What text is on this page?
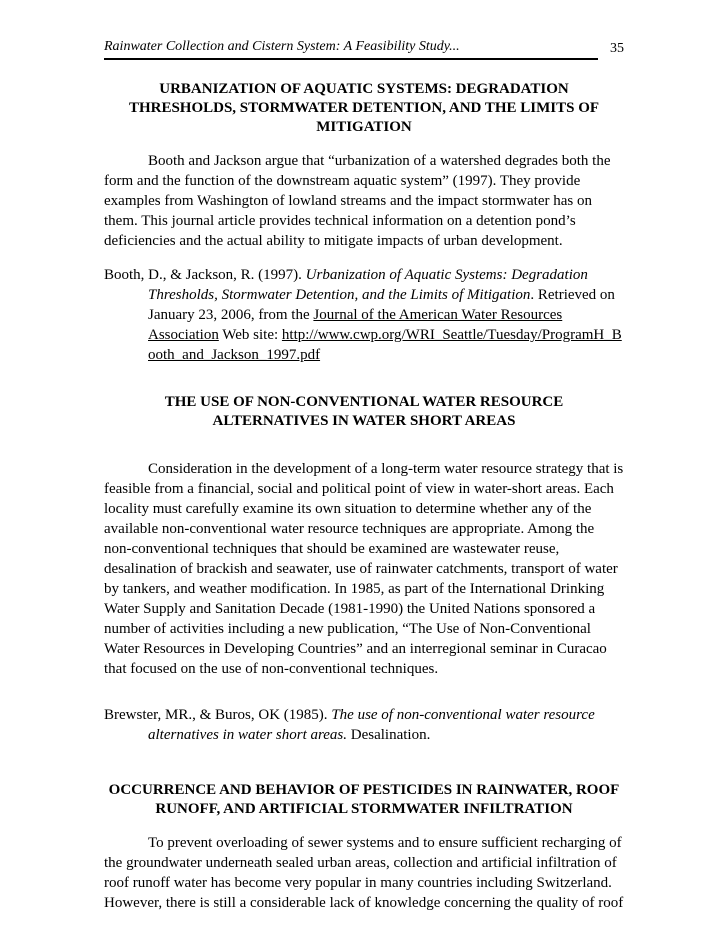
Rainwater Collection and Cistern System: A Feasibility Study...	35
URBANIZATION OF AQUATIC SYSTEMS: DEGRADATION
THRESHOLDS, STORMWATER DETENTION, AND THE LIMITS OF
MITIGATION

Booth and Jackson argue that “urbanization of a watershed degrades both the form and the function of the downstream aquatic system” (1997). They provide examples from Washington of lowland streams and the impact stormwater has on them. This journal article provides technical information on a detention pond’s deficiencies and the actual ability to mitigate impacts of urban development.

Booth, D., & Jackson, R. (1997). Urbanization of Aquatic Systems: Degradation Thresholds, Stormwater Detention, and the Limits of Mitigation. Retrieved on January 23, 2006, from the Journal of the American Water Resources Association Web site: http://www.cwp.org/WRI_Seattle/Tuesday/ProgramH_Booth_and_Jackson_1997.pdf

THE USE OF NON-CONVENTIONAL WATER RESOURCE
ALTERNATIVES IN WATER SHORT AREAS

Consideration in the development of a long-term water resource strategy that is feasible from a financial, social and political point of view in water-short areas. Each locality must carefully examine its own situation to determine whether any of the available non-conventional water resource techniques are appropriate. Among the non-conventional techniques that should be examined are wastewater reuse, desalination of brackish and seawater, use of rainwater catchments, transport of water by tankers, and weather modification. In 1985, as part of the International Drinking Water Supply and Sanitation Decade (1981-1990) the United Nations sponsored a number of activities including a new publication, “The Use of Non-Conventional Water Resources in Developing Countries” and an interregional seminar in Curacao that focused on the use of non-conventional techniques.

Brewster, MR., & Buros, OK (1985). The use of non-conventional water resource alternatives in water short areas. Desalination.

OCCURRENCE AND BEHAVIOR OF PESTICIDES IN RAINWATER, ROOF
RUNOFF, AND ARTIFICIAL STORMWATER INFILTRATION

To prevent overloading of sewer systems and to ensure sufficient recharging of the groundwater underneath sealed urban areas, collection and artificial infiltration of roof runoff water has become very popular in many countries including Switzerland. However, there is still a considerable lack of knowledge concerning the quality of roof
